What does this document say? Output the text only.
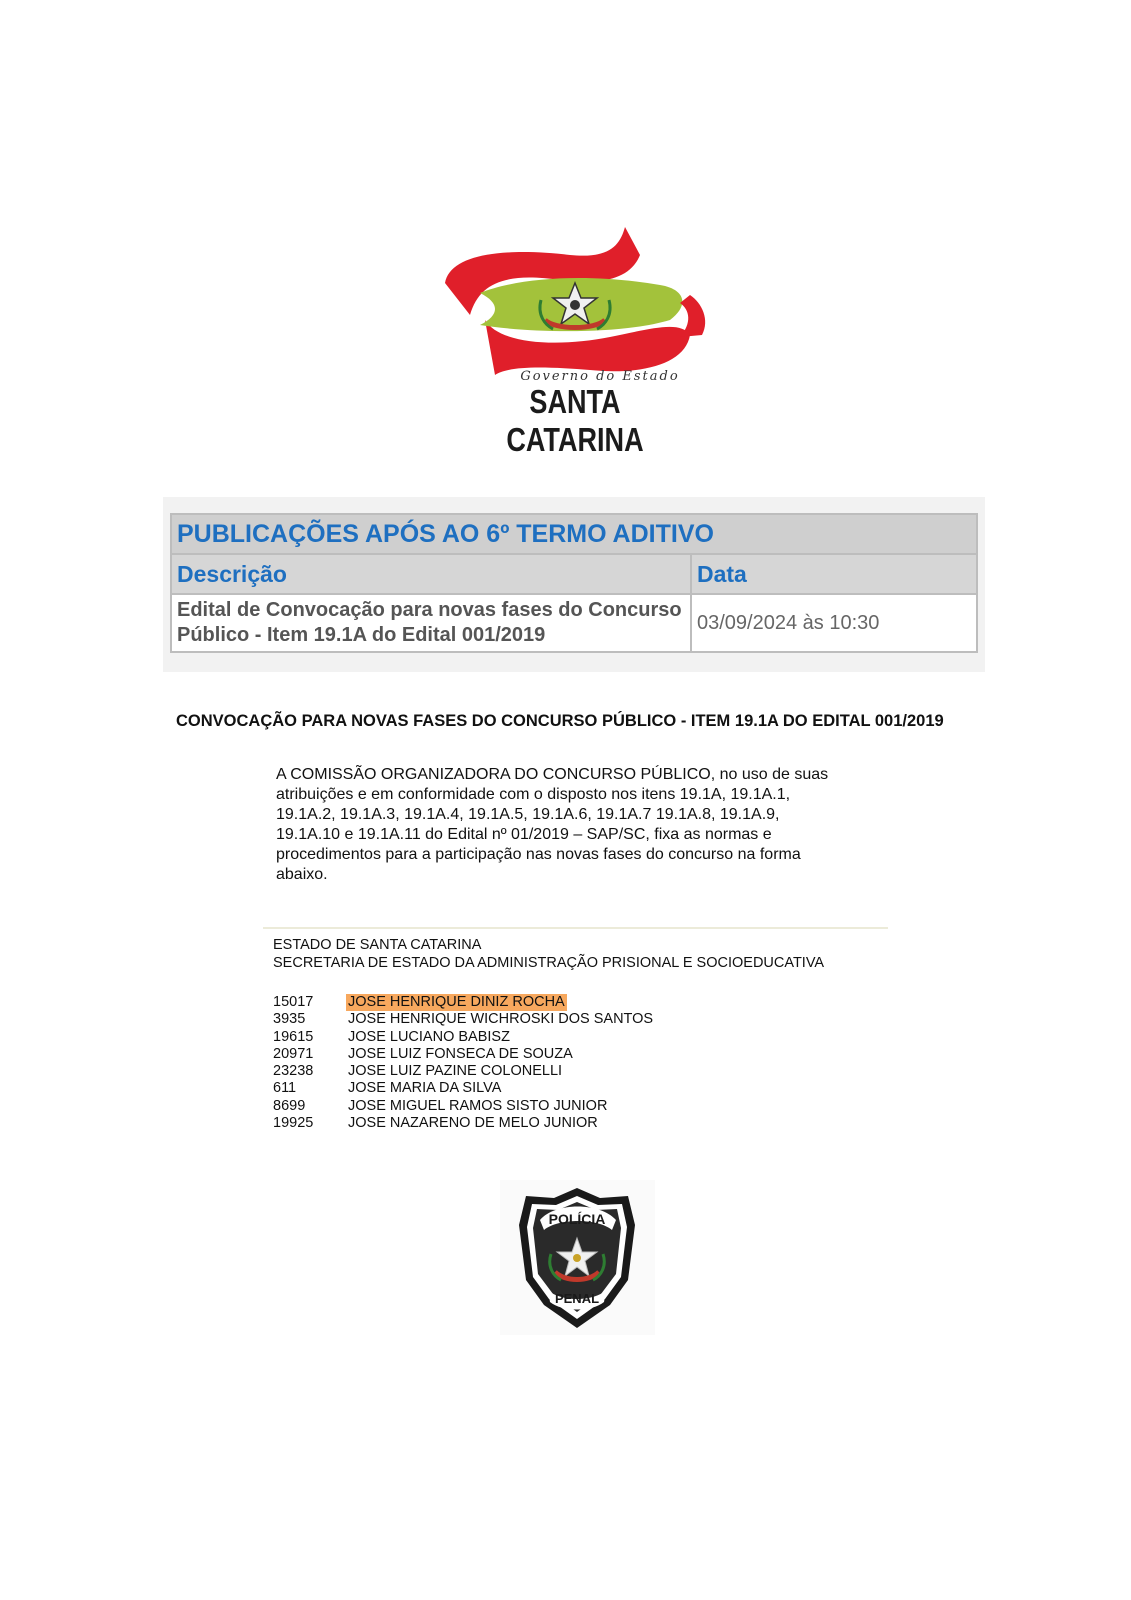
Governo do Estado
SANTA CATARINA
PUBLICAÇÕES APÓS AO 6º TERMO ADITIVO	
Descrição	Data

Edital de Convocação para novas fases do Concurso
Público - Item 19.1A do Edital 001/2019	03/09/2024 às 10:30
CONVOCAÇÃO PARA NOVAS FASES DO CONCURSO PÚBLICO - ITEM 19.1A DO EDITAL 001/2019
A COMISSÃO ORGANIZADORA DO CONCURSO PÚBLICO, no uso de suas
atribuições e em conformidade com o disposto nos itens 19.1A, 19.1A.1,
19.1A.2, 19.1A.3, 19.1A.4, 19.1A.5, 19.1A.6, 19.1A.7 19.1A.8, 19.1A.9,
19.1A.10 e 19.1A.11 do Edital nº 01/2019 – SAP/SC, fixa as normas e
procedimentos para a participação nas novas fases do concurso na forma
abaixo.
ESTADO DE SANTA CATARINA
SECRETARIA DE ESTADO DA ADMINISTRAÇÃO PRISIONAL E SOCIOEDUCATIVA
15017 JOSE HENRIQUE DINIZ ROCHA
3935	JOSE HENRIQUE WICHROSKI DOS SANTOS
19615 JOSE LUCIANO BABISZ
20971 JOSE LUIZ FONSECA DE SOUZA
23238 JOSE LUIZ PAZINE COLONELLI
611	JOSE MARIA DA SILVA
8699	JOSE MIGUEL RAMOS SISTO JUNIOR
19925 JOSE NAZARENO DE MELO JUNIOR
POLÍCIA
PENAL
